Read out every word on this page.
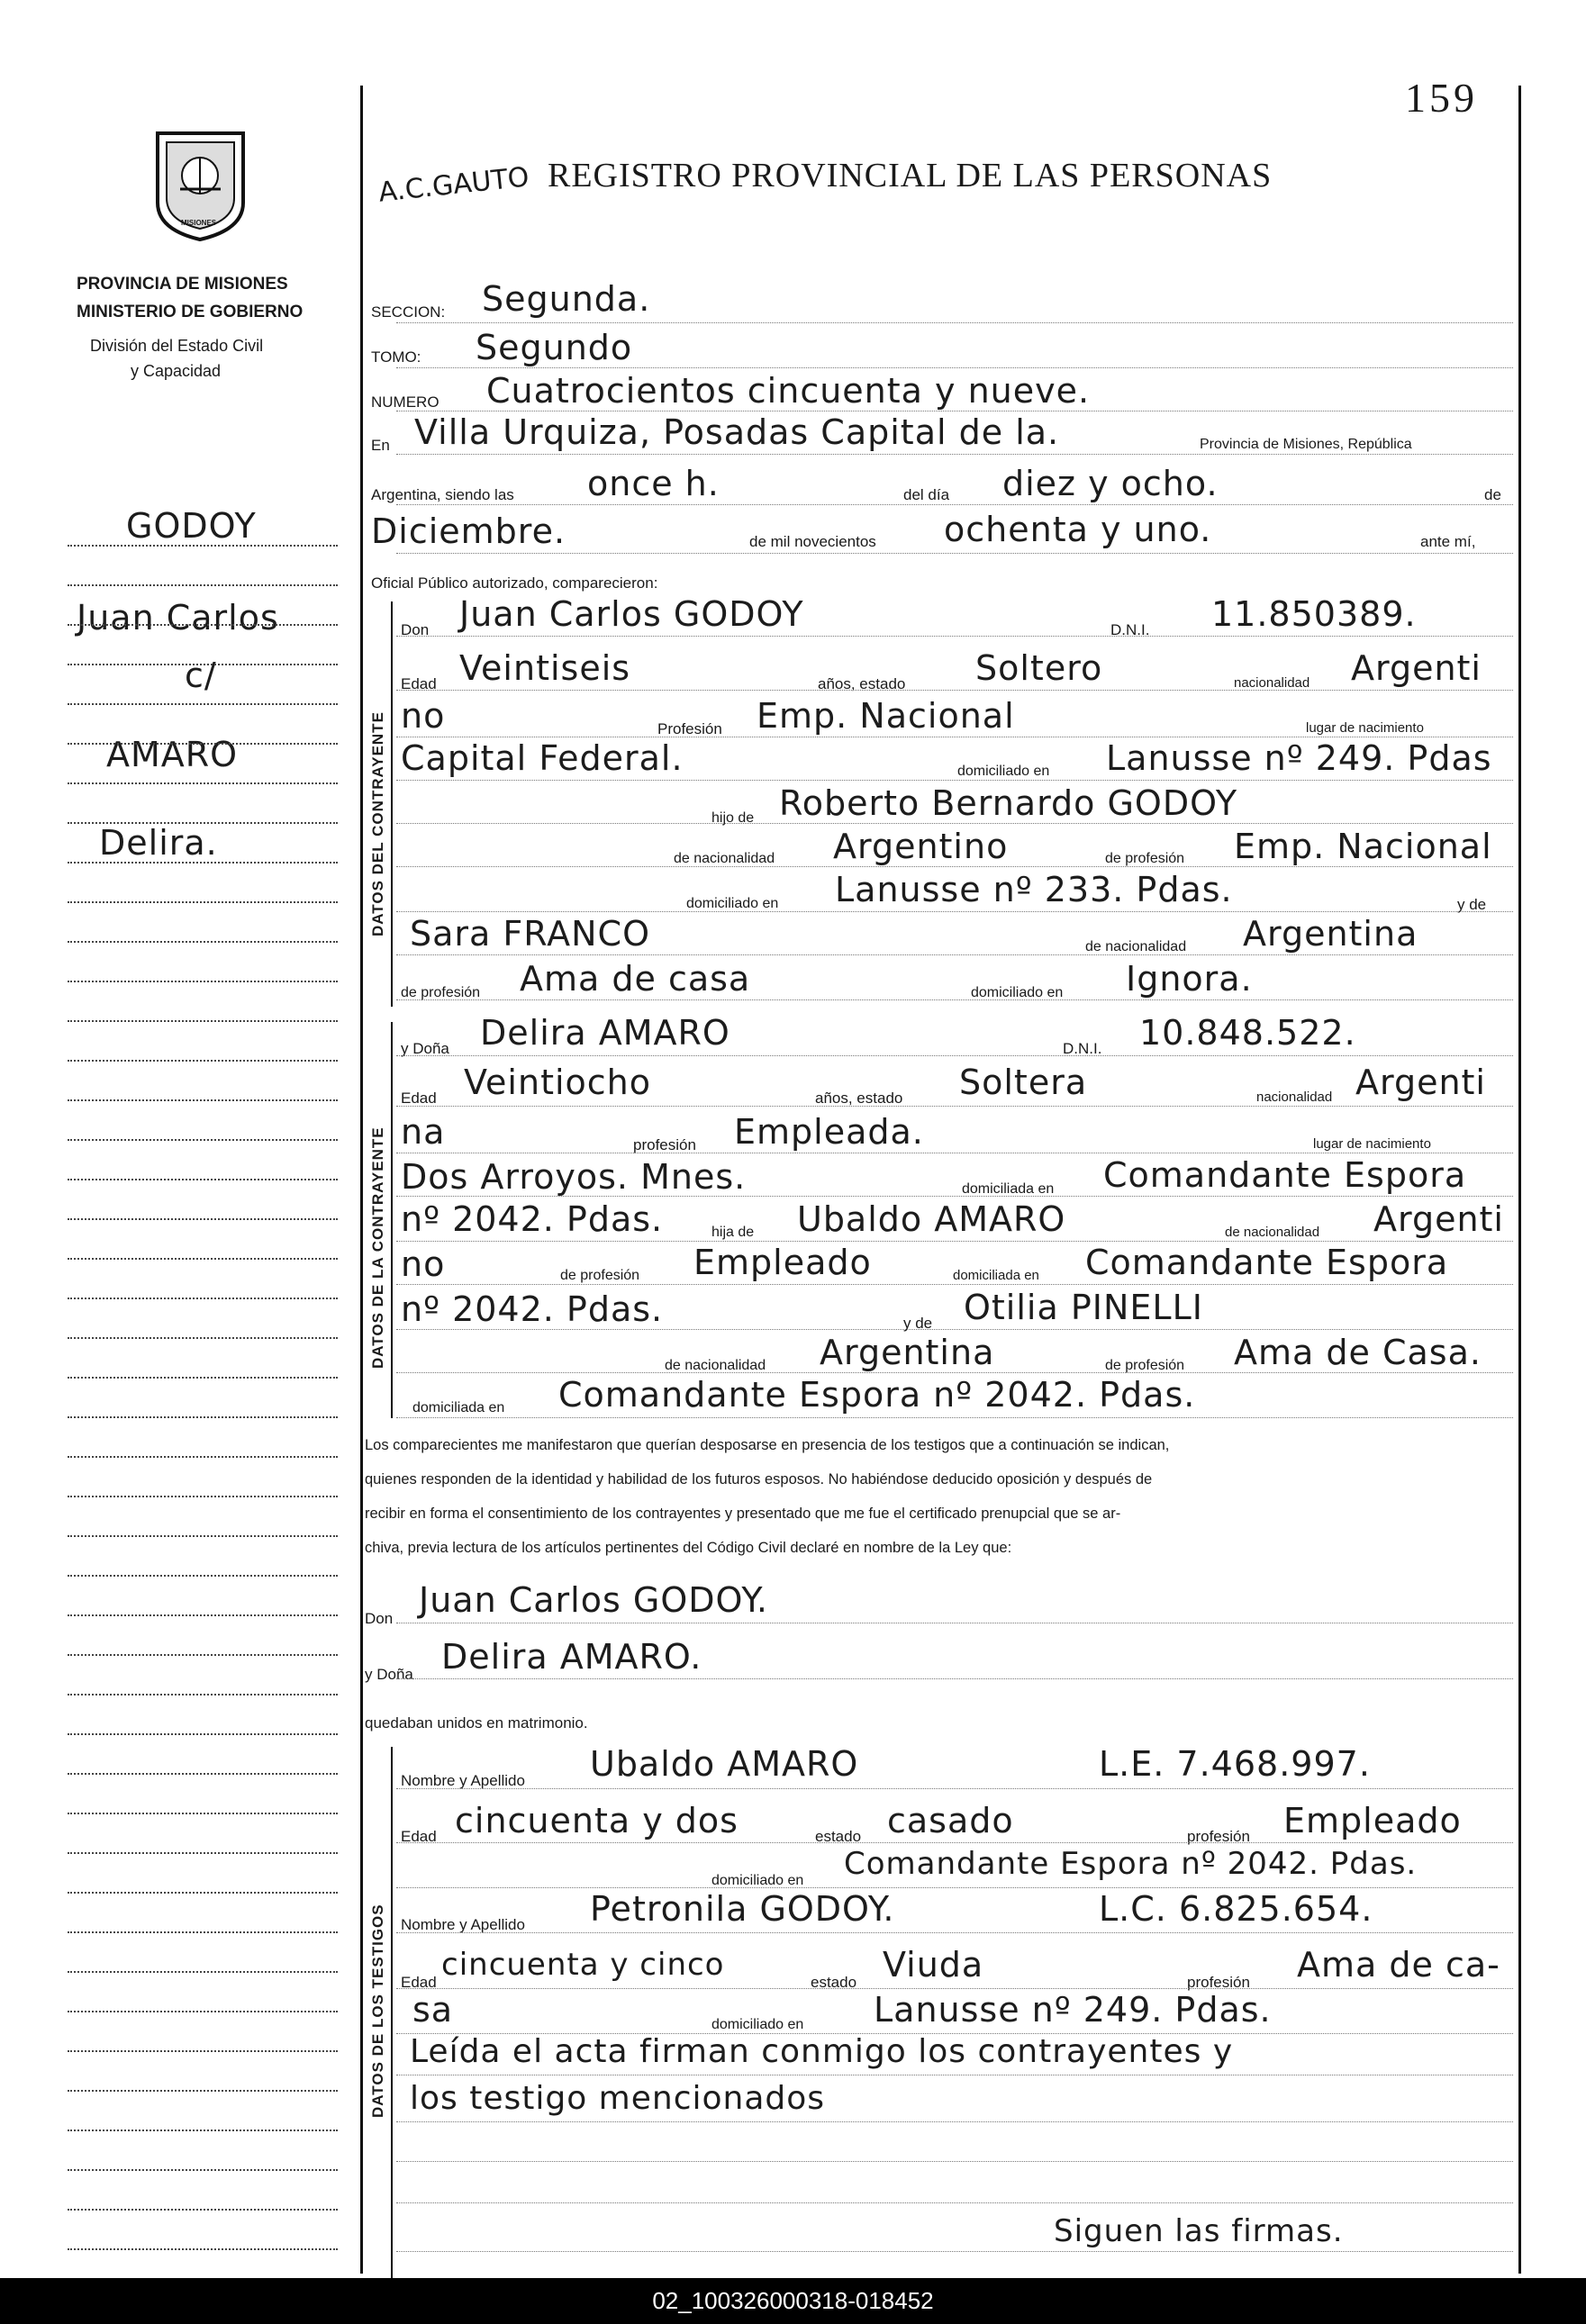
159
MISIONES
PROVINCIA DE MISIONES
MINISTERIO DE GOBIERNO
División del Estado Civil
y Capacidad
GODOY
Juan Carlos
c/
AMARO
Delira.	DATOS DEL CONTRAYENTE
DATOS DE LA CONTRAYENTE
DATOS DE LOS TESTIGOS
A.C.GAUTO REGISTRO PROVINCIAL DE LAS PERSONAS
SECCION: Segunda.
TOMO: Segundo
NUMERO Cuatrocientos cincuenta y nueve.
En Villa Urquiza, Posadas Capital de la.	Provincia de Misiones, República
Argentina, siendo las once h.	del día diez y ocho.	de
Diciembre.	de mil novecientos ochenta y uno.	ante mí,
Oficial Público autorizado, comparecieron:
Don Juan Carlos GODOY	D.N.I. 11.850389.
Edad Veintiseis	años, estado Soltero	nacionalidad Argenti
no	Profesión Emp. Nacional	lugar de nacimiento
Capital Federal.	domiciliado en Lanusse nº 249. Pdas
hijo de Roberto Bernardo GODOY
de nacionalidad Argentino	de profesión Emp. Nacional
domiciliado en Lanusse nº 233. Pdas.	y de
Sara FRANCO	de nacionalidad Argentina
de profesión Ama de casa	domiciliado en Ignora.
y Doña Delira AMARO	D.N.I. 10.848.522.
Edad Veintiocho	años, estado Soltera	nacionalidad Argenti
na	profesión Empleada.	lugar de nacimiento
Dos Arroyos. Mnes.	domiciliada en Comandante Espora
nº 2042. Pdas.	hija de Ubaldo AMARO	de nacionalidad Argenti
no	de profesión Empleado	domiciliada en Comandante Espora
nº 2042. Pdas.	y de Otilia PINELLI
de nacionalidad Argentina	de profesión Ama de Casa.
domiciliada en Comandante Espora nº 2042. Pdas.
Los comparecientes me manifestaron que querían desposarse en presencia de los testigos que a continuación se indican,
quienes responden de la identidad y habilidad de los futuros esposos. No habiéndose deducido oposición y después de
recibir en forma el consentimiento de los contrayentes y presentado que me fue el certificado prenupcial que se ar-
chiva, previa lectura de los artículos pertinentes del Código Civil declaré en nombre de la Ley que:
Don Juan Carlos GODOY.
y Doña Delira AMARO.
quedaban unidos en matrimonio.
Nombre y Apellido Ubaldo AMARO	L.E. 7.468.997.
Edad cincuenta y dos	estado casado	profesión Empleado
domiciliado en Comandante Espora nº 2042. Pdas.
Nombre y Apellido Petronila GODOY.	L.C. 6.825.654.
Edad cincuenta y cinco	estado Viuda	profesión Ama de ca-
sa	domiciliado en Lanusse nº 249. Pdas.
Leída el acta firman conmigo los contrayentes y
los testigo mencionados
Siguen las firmas.
02_100326000318-018452
